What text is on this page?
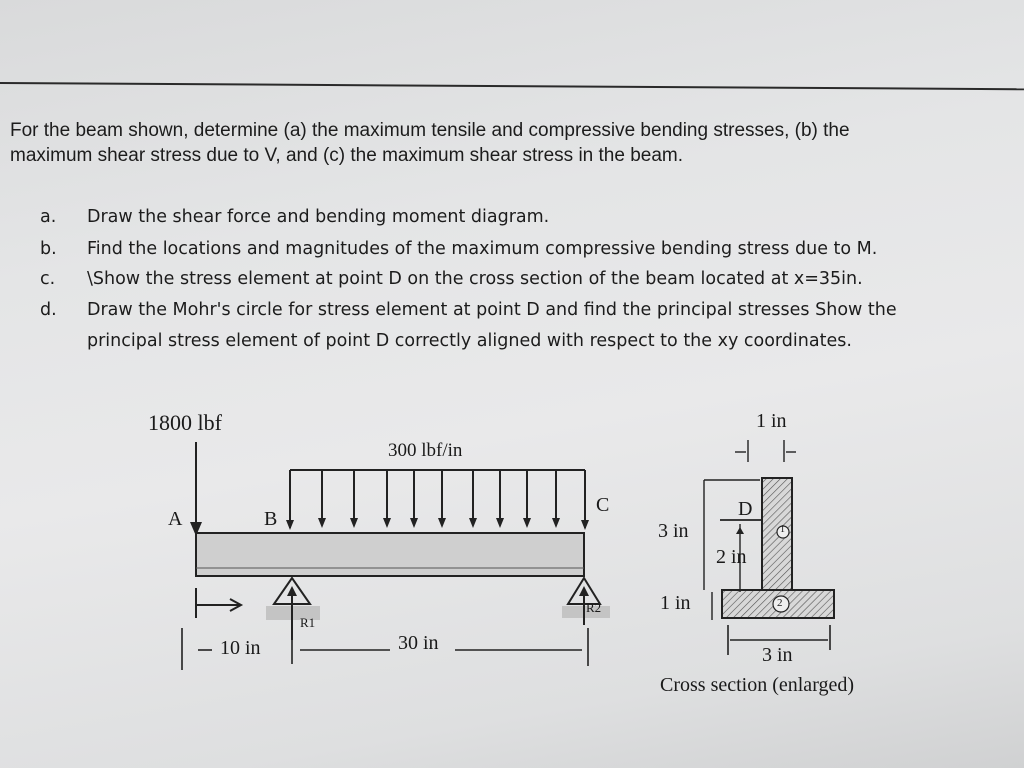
For the beam shown, determine (a) the maximum tensile and compressive bending stresses, (b) the
maximum shear stress due to V, and (c) the maximum shear stress in the beam.
a.	Draw the shear force and bending moment diagram.
b.	Find the locations and magnitudes of the maximum compressive bending stress due to M.
c.	\Show the stress element at point D on the cross section of the beam located at x=35in.
d.	Draw the Mohr's circle for stress element at point D and find the principal stresses Show the
principal stress element of point D correctly aligned with respect to the xy coordinates.
1800 lbf
300 lbf/in
A	B
C
R1
R2
10 in	30 in
1 in
D
3 in
2 in
1 in
3 in
Cross section (enlarged)
1
2
